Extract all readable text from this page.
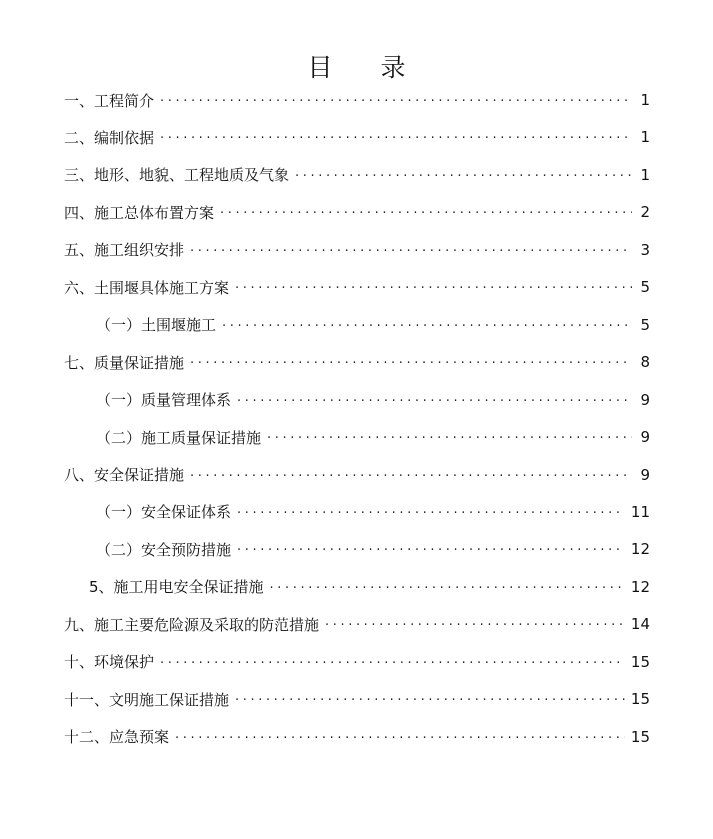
目 录
一、工程简介 .....	1
二、编制依据 .....	1
三、地形、地貌、工程地质及气象 .....	1
四、施工总体布置方案 .....	2
五、施工组织安排 .....	3
六、土围堰具体施工方案 .....	5
（一）土围堰施工 .....	5
七、质量保证措施 .....	8
（一）质量管理体系 .....	9
（二）施工质量保证措施 .....	9
八、安全保证措施 .....	9
（一）安全保证体系 .....	11
（二）安全预防措施 .....	12
5、施工用电安全保证措施 .....	12
九、施工主要危险源及采取的防范措施 .....	14
十、环境保护 .....	15
十一、文明施工保证措施 .....	15
十二、应急预案 .....	15
